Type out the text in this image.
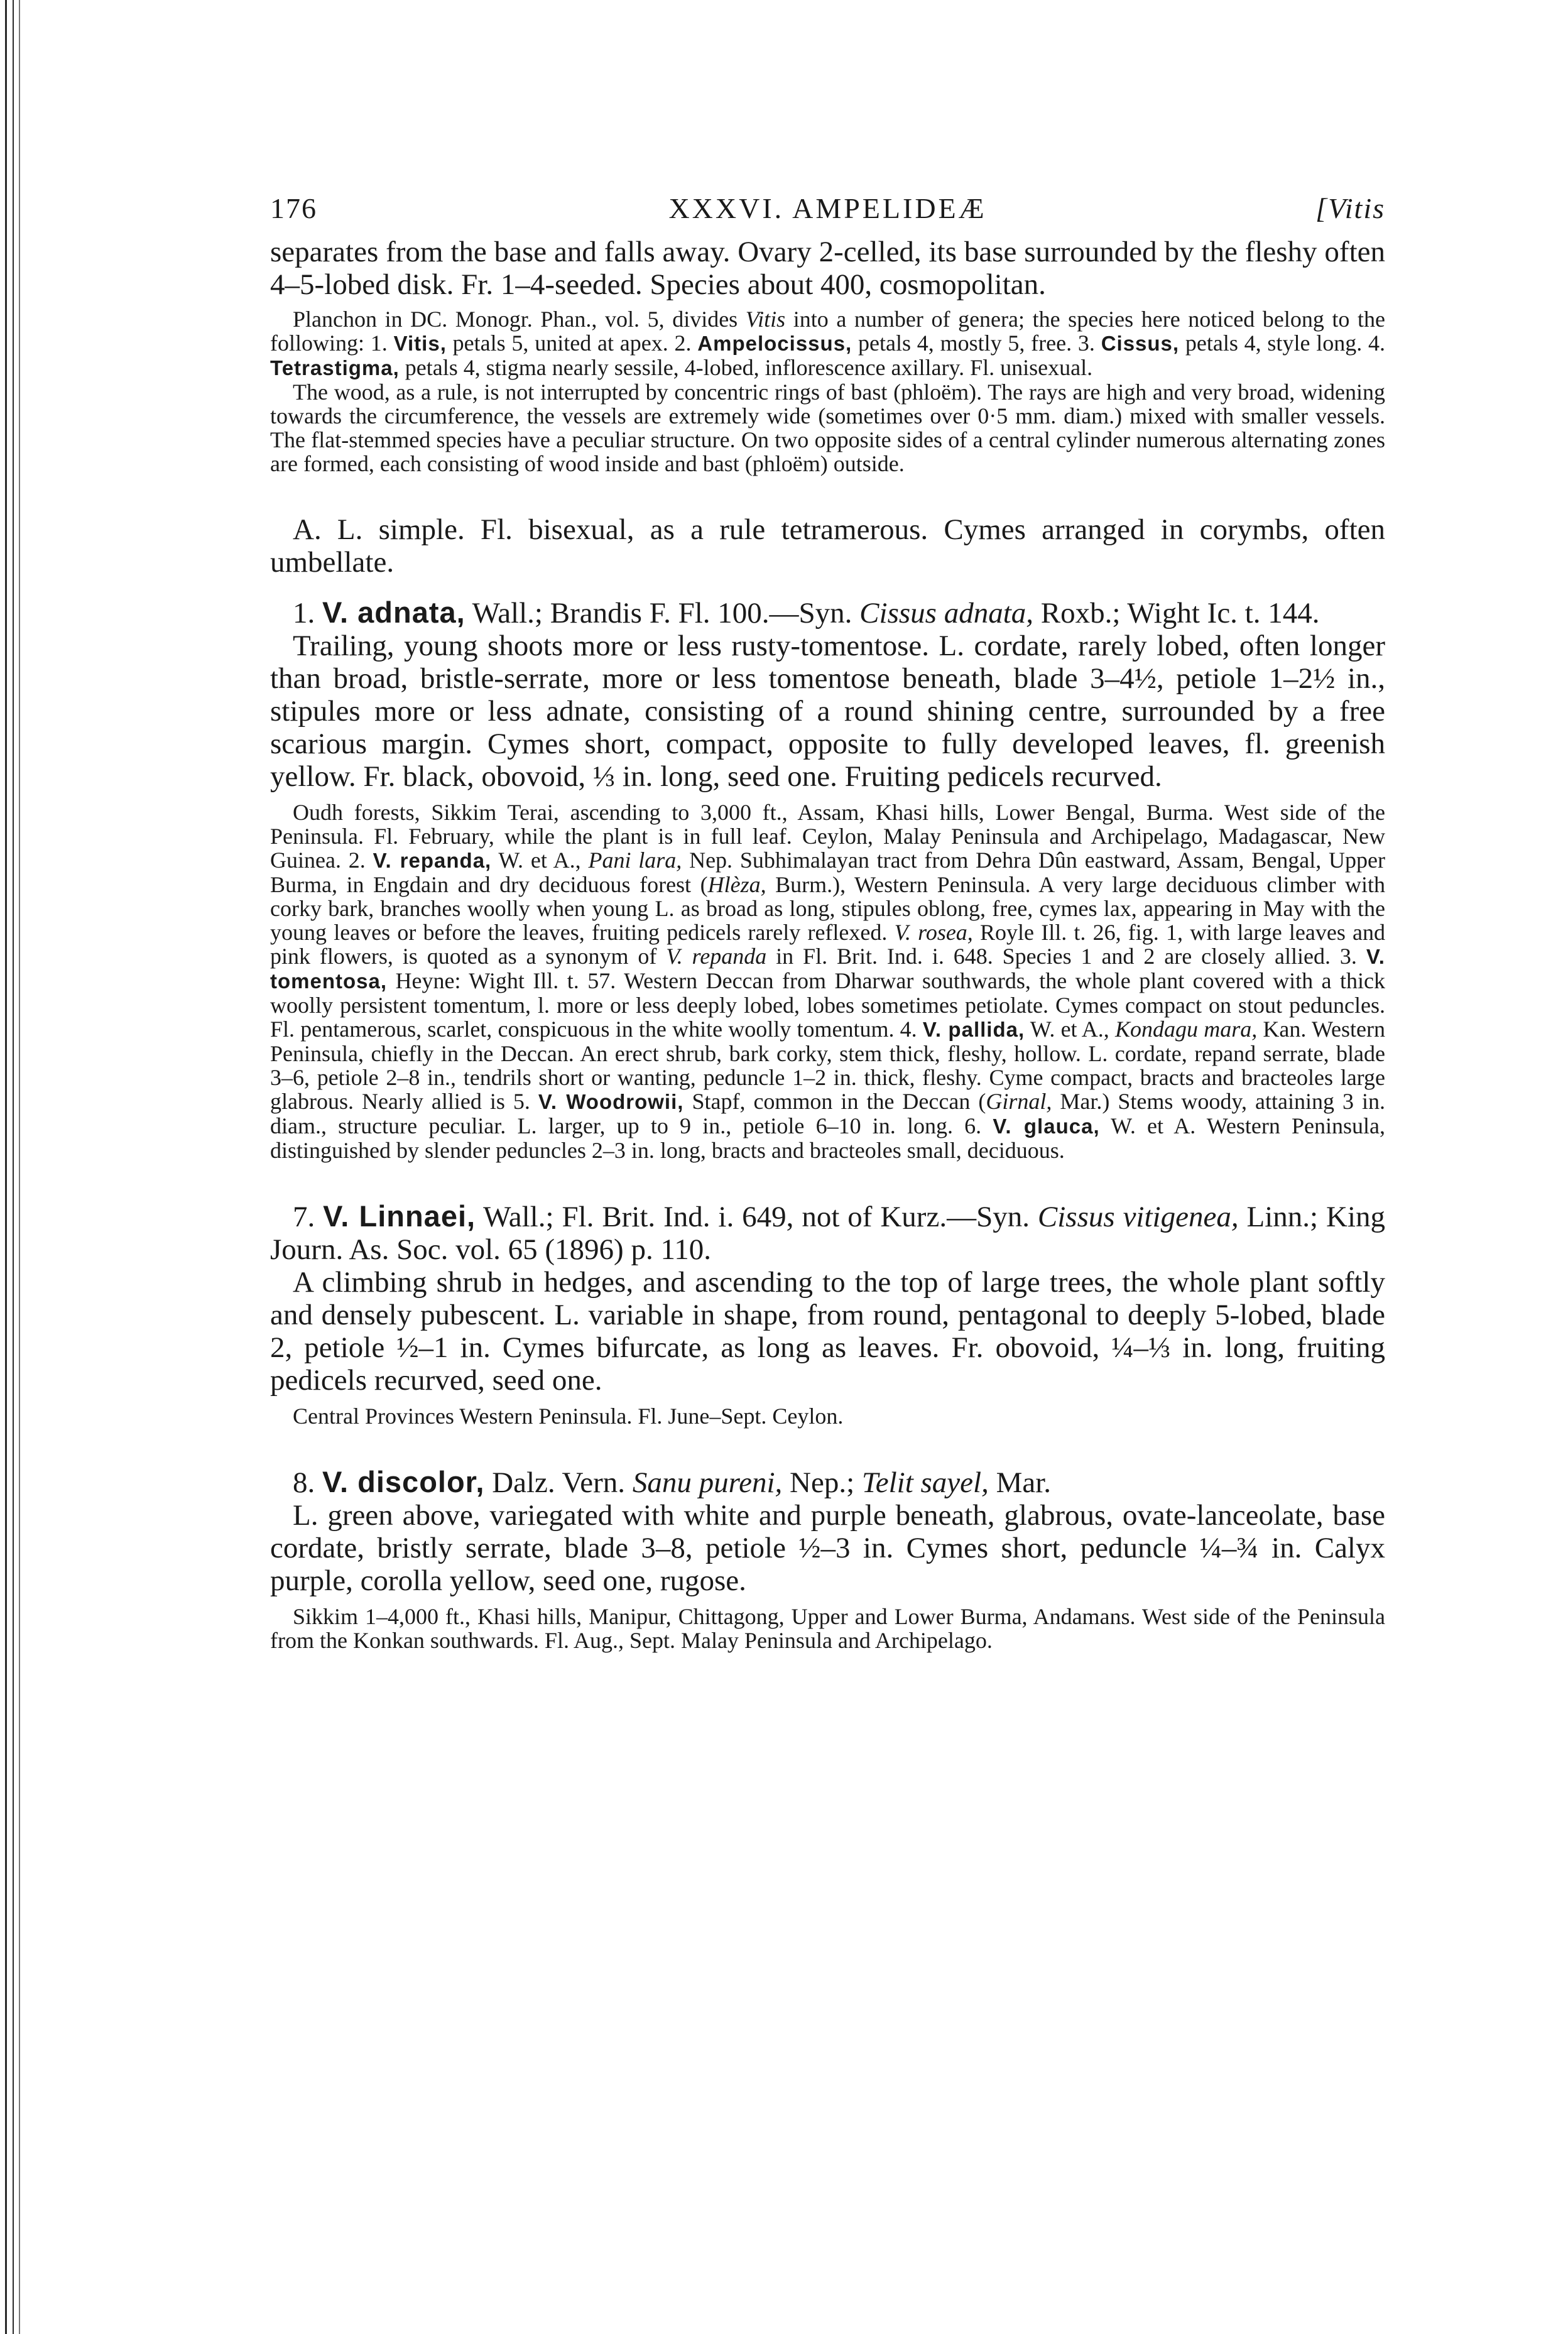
176	XXXVI. AMPELIDEÆ	[Vitis

separates from the base and falls away. Ovary 2-celled, its base surrounded by the fleshy often 4–5-lobed disk. Fr. 1–4-seeded. Species about 400, cosmopolitan.

Planchon in DC. Monogr. Phan., vol. 5, divides Vitis into a number of genera; the species here noticed belong to the following: 1. Vitis, petals 5, united at apex. 2. Ampelocissus, petals 4, mostly 5, free. 3. Cissus, petals 4, style long. 4. Tetrastigma, petals 4, stigma nearly sessile, 4-lobed, inflorescence axillary. Fl. unisexual.

The wood, as a rule, is not interrupted by concentric rings of bast (phloëm). The rays are high and very broad, widening towards the circumference, the vessels are extremely wide (sometimes over 0·5 mm. diam.) mixed with smaller vessels. The flat-stemmed species have a peculiar structure. On two opposite sides of a central cylinder numerous alternating zones are formed, each consisting of wood inside and bast (phloëm) outside.

A. L. simple. Fl. bisexual, as a rule tetramerous. Cymes arranged in corymbs, often umbellate.

1. V. adnata, Wall.; Brandis F. Fl. 100.—Syn. Cissus adnata, Roxb.; Wight Ic. t. 144.

Trailing, young shoots more or less rusty-tomentose. L. cordate, rarely lobed, often longer than broad, bristle-serrate, more or less tomentose beneath, blade 3–4½, petiole 1–2½ in., stipules more or less adnate, consisting of a round shining centre, surrounded by a free scarious margin. Cymes short, compact, opposite to fully developed leaves, fl. greenish yellow. Fr. black, obovoid, ⅓ in. long, seed one. Fruiting pedicels recurved.

Oudh forests, Sikkim Terai, ascending to 3,000 ft., Assam, Khasi hills, Lower Bengal, Burma. West side of the Peninsula. Fl. February, while the plant is in full leaf. Ceylon, Malay Peninsula and Archipelago, Madagascar, New Guinea. 2. V. repanda, W. et A., Pani lara, Nep. Subhimalayan tract from Dehra Dûn eastward, Assam, Bengal, Upper Burma, in Engdain and dry deciduous forest (Hlèza, Burm.), Western Peninsula. A very large deciduous climber with corky bark, branches woolly when young L. as broad as long, stipules oblong, free, cymes lax, appearing in May with the young leaves or before the leaves, fruiting pedicels rarely reflexed. V. rosea, Royle Ill. t. 26, fig. 1, with large leaves and pink flowers, is quoted as a synonym of V. repanda in Fl. Brit. Ind. i. 648. Species 1 and 2 are closely allied. 3. V. tomentosa, Heyne: Wight Ill. t. 57. Western Deccan from Dharwar southwards, the whole plant covered with a thick woolly persistent tomentum, l. more or less deeply lobed, lobes sometimes petiolate. Cymes compact on stout peduncles. Fl. pentamerous, scarlet, conspicuous in the white woolly tomentum. 4. V. pallida, W. et A., Kondagu mara, Kan. Western Peninsula, chiefly in the Deccan. An erect shrub, bark corky, stem thick, fleshy, hollow. L. cordate, repand serrate, blade 3–6, petiole 2–8 in., tendrils short or wanting, peduncle 1–2 in. thick, fleshy. Cyme compact, bracts and bracteoles large glabrous. Nearly allied is 5. V. Woodrowii, Stapf, common in the Deccan (Girnal, Mar.) Stems woody, attaining 3 in. diam., structure peculiar. L. larger, up to 9 in., petiole 6–10 in. long. 6. V. glauca, W. et A. Western Peninsula, distinguished by slender peduncles 2–3 in. long, bracts and bracteoles small, deciduous.

7. V. Linnaei, Wall.; Fl. Brit. Ind. i. 649, not of Kurz.—Syn. Cissus vitigenea, Linn.; King Journ. As. Soc. vol. 65 (1896) p. 110.

A climbing shrub in hedges, and ascending to the top of large trees, the whole plant softly and densely pubescent. L. variable in shape, from round, pentagonal to deeply 5-lobed, blade 2, petiole ½–1 in. Cymes bifurcate, as long as leaves. Fr. obovoid, ¼–⅓ in. long, fruiting pedicels recurved, seed one.

Central Provinces Western Peninsula. Fl. June–Sept. Ceylon.

8. V. discolor, Dalz. Vern. Sanu pureni, Nep.; Telit sayel, Mar.

L. green above, variegated with white and purple beneath, glabrous, ovate-lanceolate, base cordate, bristly serrate, blade 3–8, petiole ½–3 in. Cymes short, peduncle ¼–¾ in. Calyx purple, corolla yellow, seed one, rugose.

Sikkim 1–4,000 ft., Khasi hills, Manipur, Chittagong, Upper and Lower Burma, Andamans. West side of the Peninsula from the Konkan southwards. Fl. Aug., Sept. Malay Peninsula and Archipelago.
